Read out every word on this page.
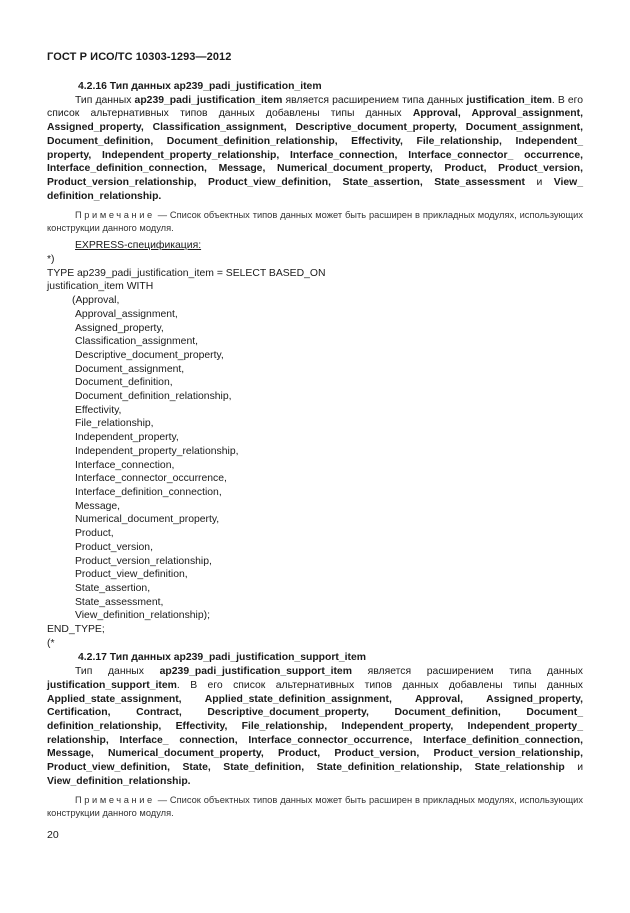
ГОСТ Р ИСО/ТС 10303-1293—2012

4.2.16 Тип данных ap239_padi_justification_item

Тип данных ap239_padi_justification_item является расширением типа данных justification_item. В его список альтернативных типов данных добавлены типы данных Approval, Approval_assignment, Assigned_property, Classification_assignment, Descriptive_document_property, Document_assignment, Document_definition, Document_definition_relationship, Effectivity, File_relationship, Independent_ property, Independent_property_relationship, Interface_connection, Interface_connector_ occurrence, Interface_definition_connection, Message, Numerical_document_property, Product, Product_version, Product_version_relationship, Product_view_definition, State_assertion, State_assessment и View_ definition_relationship.

Примечание — Список объектных типов данных может быть расширен в прикладных модулях, использующих конструкции данного модуля.

EXPRESS-спецификация:

*)
TYPE ap239_padi_justification_item = SELECT BASED_ON
justification_item WITH
(Approval,
Approval_assignment,
Assigned_property,
Classification_assignment,
Descriptive_document_property,
Document_assignment,
Document_definition,
Document_definition_relationship,
Effectivity,
File_relationship,
Independent_property,
Independent_property_relationship,
Interface_connection,
Interface_connector_occurrence,
Interface_definition_connection,
Message,
Numerical_document_property,
Product,
Product_version,
Product_version_relationship,
Product_view_definition,
State_assertion,
State_assessment,
View_definition_relationship);
END_TYPE;
(*

4.2.17 Тип данных ap239_padi_justification_support_item

Тип данных ap239_padi_justification_support_item является расширением типа данных justification_support_item. В его список альтернативных типов данных добавлены типы данных Applied_state_assignment, Applied_state_definition_assignment, Approval, Assigned_property, Certification, Contract, Descriptive_document_property, Document_definition, Document_ definition_relationship, Effectivity, File_relationship, Independent_property, Independent_property_ relationship, Interface_ connection, Interface_connector_occurrence, Interface_definition_connection, Message, Numerical_document_property, Product, Product_version, Product_version_relationship, Product_view_definition, State, State_definition, State_definition_relationship, State_relationship и View_definition_relationship.

Примечание — Список объектных типов данных может быть расширен в прикладных модулях, использующих конструкции данного модуля.

20
